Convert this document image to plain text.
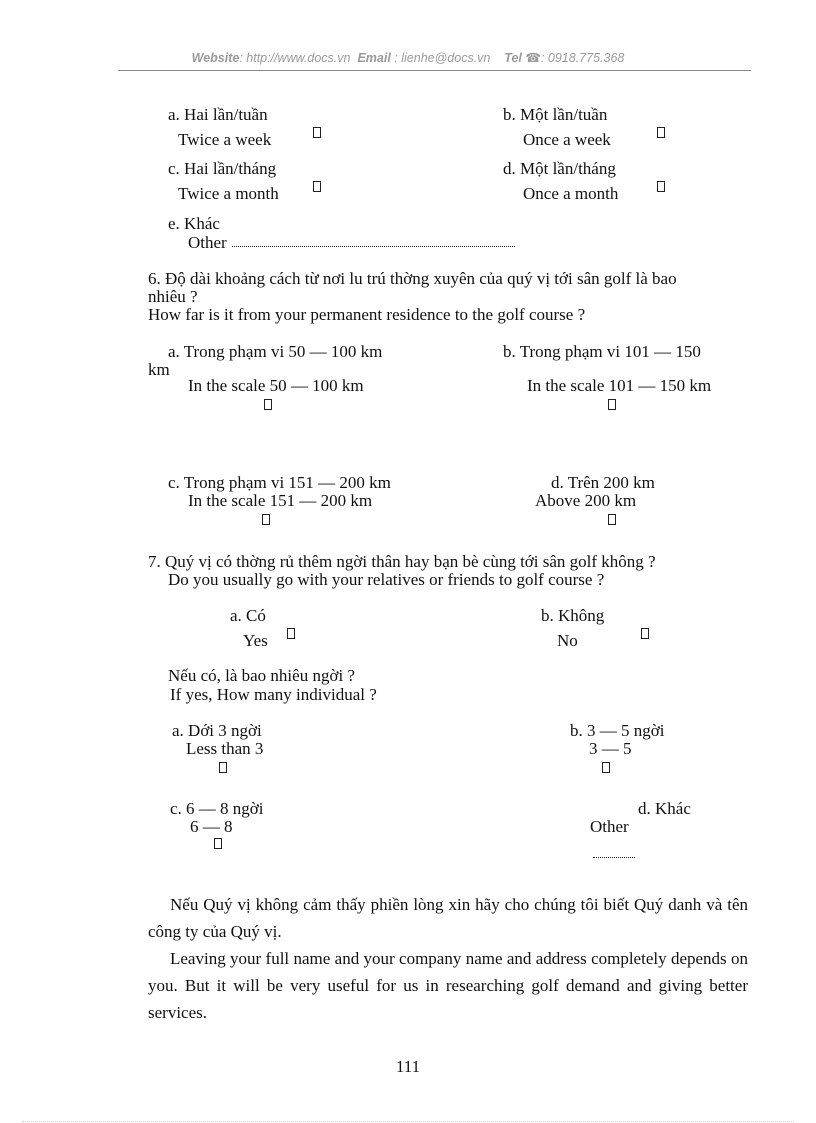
Website: http://www.docs.vn Email : lienhe@docs.vn Tel ☎: 0918.775.368
a. Hai lần/tuần
Twice a week
b. Một lần/tuần
Once a week
c. Hai lần/tháng
Twice a month
d. Một lần/tháng
Once a month
e. Khác
Other
6. Độ dài khoảng cách từ nơi lu trú thờng xuyên của quý vị tới sân golf là bao
nhiêu ?
How far is it from your permanent residence to the golf course ?
a. Trong phạm vi 50 — 100 km
km
In the scale 50 — 100 km
b. Trong phạm vi 101 — 150
In the scale 101 — 150 km
c. Trong phạm vi 151 — 200 km
In the scale 151 — 200 km
d. Trên 200 km
Above 200 km
7. Quý vị có thờng rủ thêm ngời thân hay bạn bè cùng tới sân golf không ?
Do you usually go with your relatives or friends to golf course ?
a. Có
Yes
b. Không
No
Nếu có, là bao nhiêu ngời ?
If yes, How many individual ?
a. Dới 3 ngời
Less than 3
b. 3 — 5 ngời
3 — 5
c. 6 — 8 ngời
6 — 8
d. Khác
Other
Nếu Quý vị không cảm thấy phiền lòng xin hãy cho chúng tôi biết Quý danh và tên công ty của Quý vị.
Leaving your full name and your company name and address completely depends on you. But it will be very useful for us in researching golf demand and giving better services.
111
